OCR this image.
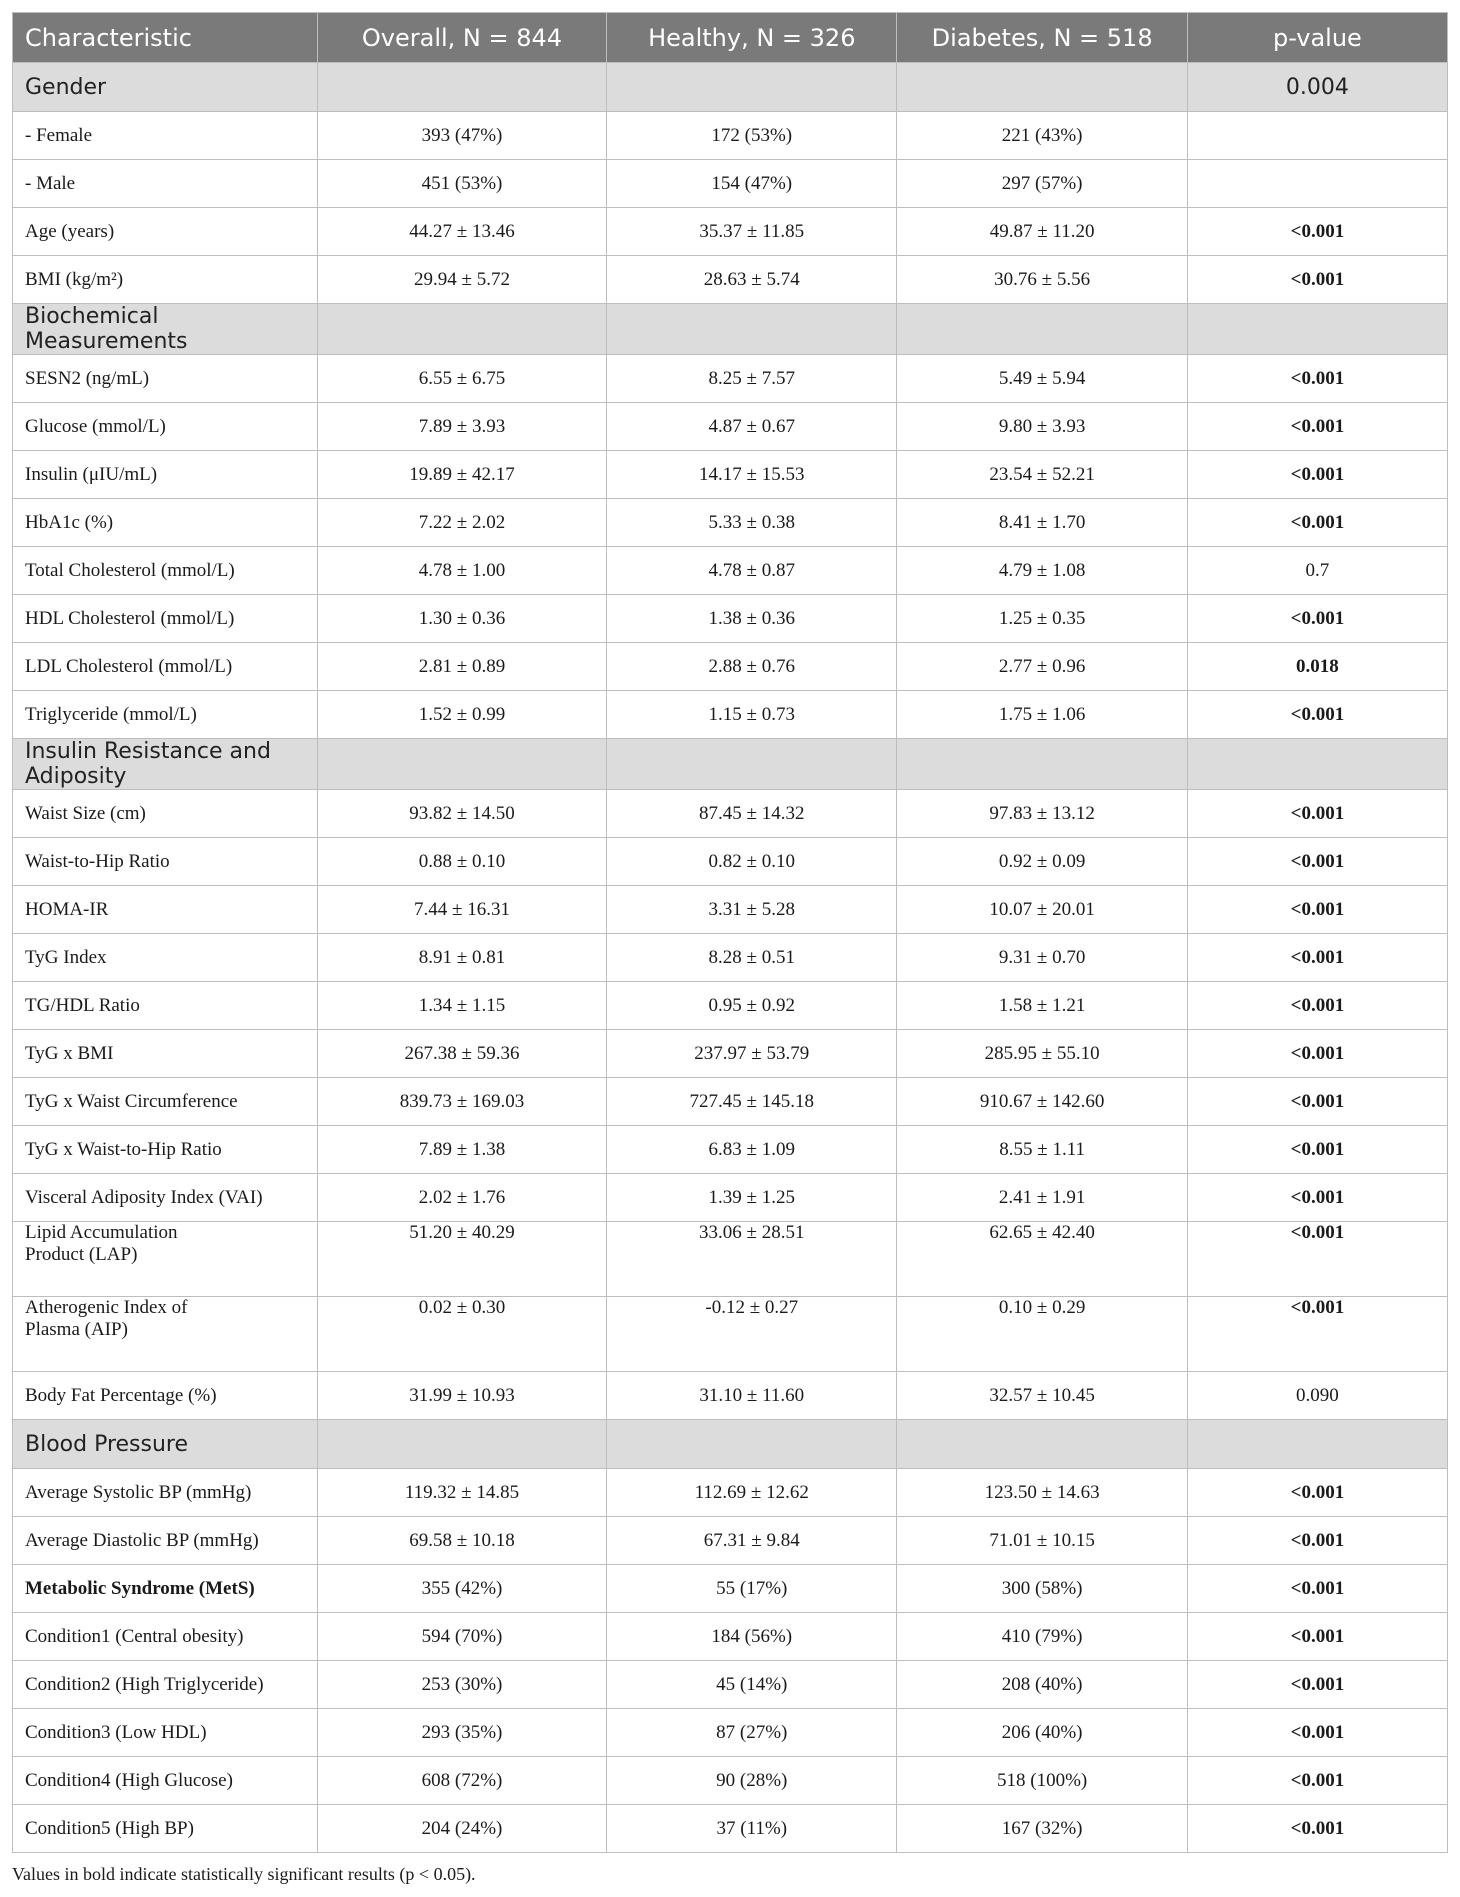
Characteristic	Overall, N = 844	Healthy, N = 326	Diabetes, N = 518	p-value
Gender				0.004

- Female	393 (47%)	172 (53%)	221 (43%)	

- Male	451 (53%)	154 (47%)	297 (57%)	

Age (years)	44.27 ± 13.46	35.37 ± 11.85	49.87 ± 11.20	<0.001

BMI (kg/m²)	29.94 ± 5.72	28.63 ± 5.74	30.76 ± 5.56	<0.001
Biochemical Measurements				

SESN2 (ng/mL)	6.55 ± 6.75	8.25 ± 7.57	5.49 ± 5.94	<0.001

Glucose (mmol/L)	7.89 ± 3.93	4.87 ± 0.67	9.80 ± 3.93	<0.001

Insulin (μIU/mL)	19.89 ± 42.17	14.17 ± 15.53	23.54 ± 52.21	<0.001

HbA1c (%)	7.22 ± 2.02	5.33 ± 0.38	8.41 ± 1.70	<0.001

Total Cholesterol (mmol/L)	4.78 ± 1.00	4.78 ± 0.87	4.79 ± 1.08	0.7

HDL Cholesterol (mmol/L)	1.30 ± 0.36	1.38 ± 0.36	1.25 ± 0.35	<0.001

LDL Cholesterol (mmol/L)	2.81 ± 0.89	2.88 ± 0.76	2.77 ± 0.96	0.018

Triglyceride (mmol/L)	1.52 ± 0.99	1.15 ± 0.73	1.75 ± 1.06	<0.001
Insulin Resistance and Adiposity				

Waist Size (cm)	93.82 ± 14.50	87.45 ± 14.32	97.83 ± 13.12	<0.001

Waist-to-Hip Ratio	0.88 ± 0.10	0.82 ± 0.10	0.92 ± 0.09	<0.001

HOMA-IR	7.44 ± 16.31	3.31 ± 5.28	10.07 ± 20.01	<0.001

TyG Index	8.91 ± 0.81	8.28 ± 0.51	9.31 ± 0.70	<0.001

TG/HDL Ratio	1.34 ± 1.15	0.95 ± 0.92	1.58 ± 1.21	<0.001

TyG x BMI	267.38 ± 59.36	237.97 ± 53.79	285.95 ± 55.10	<0.001

TyG x Waist Circumference	839.73 ± 169.03	727.45 ± 145.18	910.67 ± 142.60	<0.001

TyG x Waist-to-Hip Ratio	7.89 ± 1.38	6.83 ± 1.09	8.55 ± 1.11	<0.001

Visceral Adiposity Index (VAI)	2.02 ± 1.76	1.39 ± 1.25	2.41 ± 1.91	<0.001

Lipid Accumulation
Product (LAP)	51.20 ± 40.29	33.06 ± 28.51	62.65 ± 42.40	<0.001

Atherogenic Index of
Plasma (AIP)	0.02 ± 0.30	-0.12 ± 0.27	0.10 ± 0.29	<0.001

Body Fat Percentage (%)	31.99 ± 10.93	31.10 ± 11.60	32.57 ± 10.45	0.090
Blood Pressure				

Average Systolic BP (mmHg)	119.32 ± 14.85	112.69 ± 12.62	123.50 ± 14.63	<0.001

Average Diastolic BP (mmHg)	69.58 ± 10.18	67.31 ± 9.84	71.01 ± 10.15	<0.001

Metabolic Syndrome (MetS)	355 (42%)	55 (17%)	300 (58%)	<0.001

Condition1 (Central obesity)	594 (70%)	184 (56%)	410 (79%)	<0.001

Condition2 (High Triglyceride)	253 (30%)	45 (14%)	208 (40%)	<0.001

Condition3 (Low HDL)	293 (35%)	87 (27%)	206 (40%)	<0.001

Condition4 (High Glucose)	608 (72%)	90 (28%)	518 (100%)	<0.001

Condition5 (High BP)	204 (24%)	37 (11%)	167 (32%)	<0.001
Values in bold indicate statistically significant results (p < 0.05).
